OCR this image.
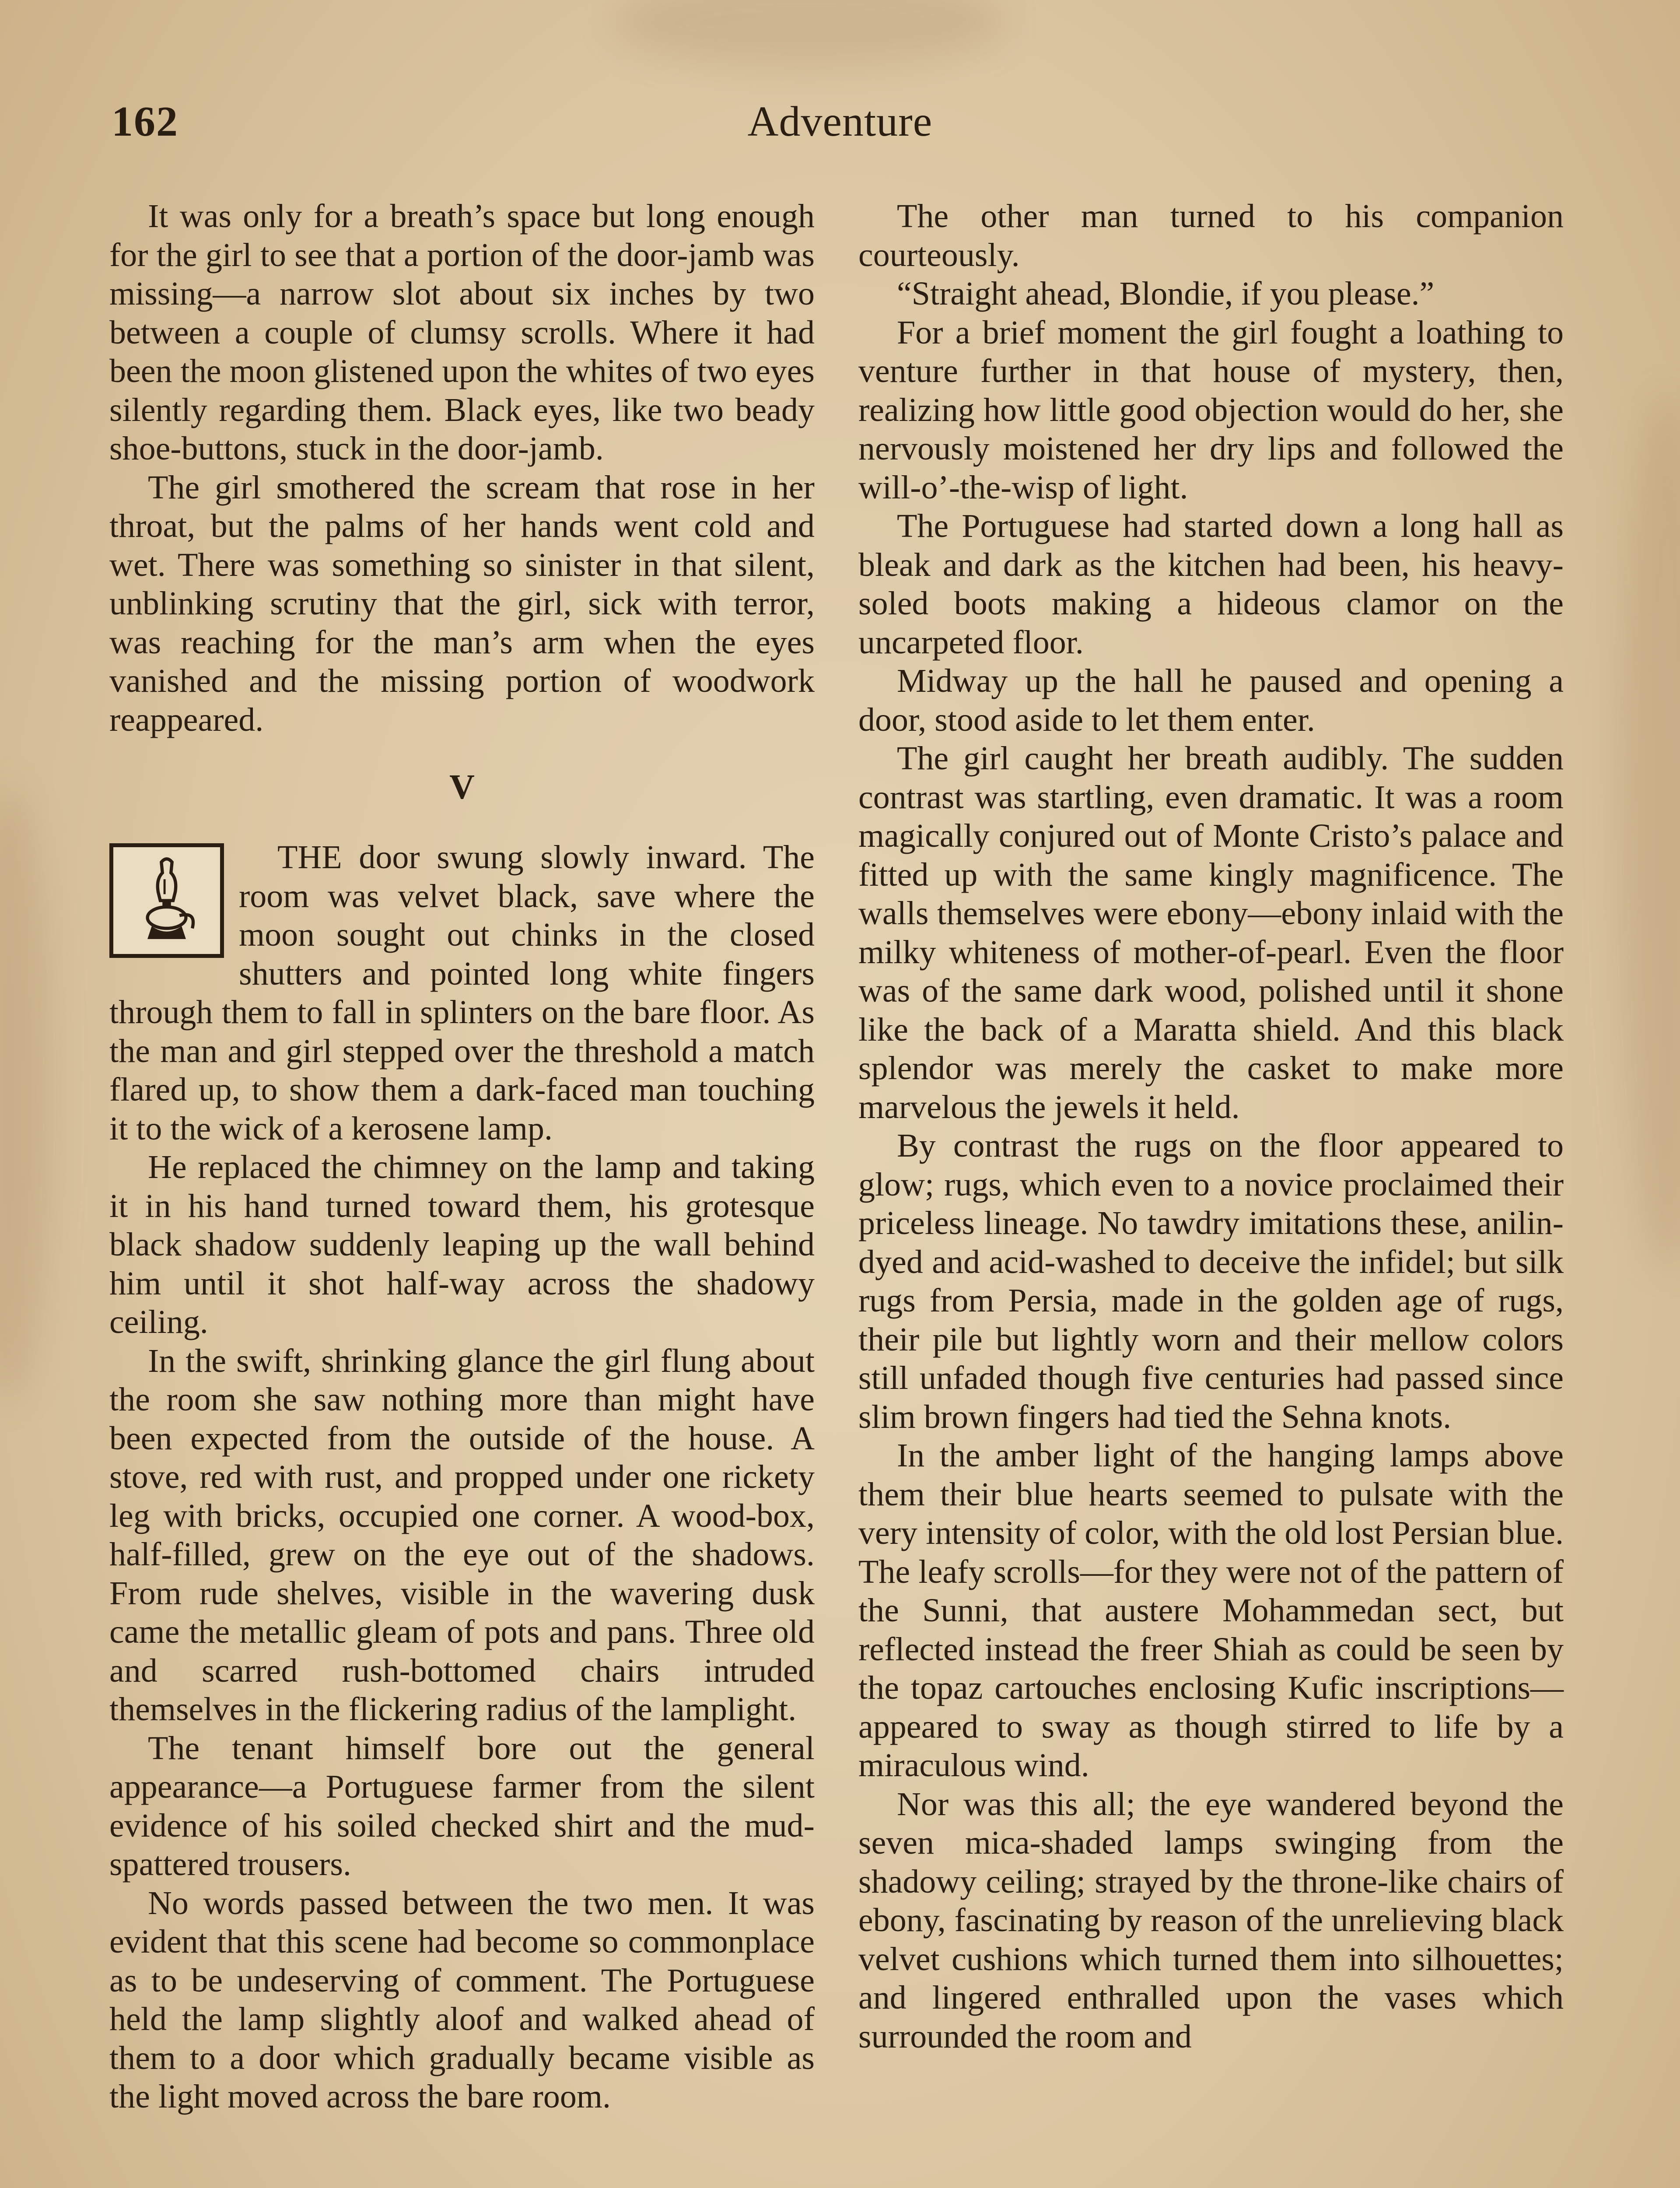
162	Adventure

It was only for a breath’s space but long enough for the girl to see that a portion of the door-jamb was missing—a narrow slot about six inches by two between a couple of clumsy scrolls. Where it had been the moon glistened upon the whites of two eyes silently regarding them. Black eyes, like two beady shoe-buttons, stuck in the door-jamb.

The girl smothered the scream that rose in her throat, but the palms of her hands went cold and wet. There was something so sinister in that silent, unblinking scrutiny that the girl, sick with terror, was reaching for the man’s arm when the eyes vanished and the missing portion of woodwork reappeared.

V

THE door swung slowly inward. The room was velvet black, save where the moon sought out chinks in the closed shutters and pointed long white fingers through them to fall in splinters on the bare floor. As the man and girl stepped over the threshold a match flared up, to show them a dark-faced man touching it to the wick of a kerosene lamp.

He replaced the chimney on the lamp and taking it in his hand turned toward them, his grotesque black shadow suddenly leaping up the wall behind him until it shot half-way across the shadowy ceiling.

In the swift, shrinking glance the girl flung about the room she saw nothing more than might have been expected from the outside of the house. A stove, red with rust, and propped under one rickety leg with bricks, occupied one corner. A wood-box, half-filled, grew on the eye out of the shadows. From rude shelves, visible in the wavering dusk came the metallic gleam of pots and pans. Three old and scarred rush-bottomed chairs intruded themselves in the flickering radius of the lamplight.

The tenant himself bore out the general appearance—a Portuguese farmer from the silent evidence of his soiled checked shirt and the mud-spattered trousers.

No words passed between the two men. It was evident that this scene had become so commonplace as to be undeserving of comment. The Portuguese held the lamp slightly aloof and walked ahead of them to a door which gradually became visible as the light moved across the bare room.

The other man turned to his companion courteously.

“Straight ahead, Blondie, if you please.”

For a brief moment the girl fought a loathing to venture further in that house of mystery, then, realizing how little good objection would do her, she nervously moistened her dry lips and followed the will-o’-the-wisp of light.

The Portuguese had started down a long hall as bleak and dark as the kitchen had been, his heavy-soled boots making a hideous clamor on the uncarpeted floor.

Midway up the hall he paused and opening a door, stood aside to let them enter.

The girl caught her breath audibly. The sudden contrast was startling, even dramatic. It was a room magically conjured out of Monte Cristo’s palace and fitted up with the same kingly magnificence. The walls themselves were ebony—ebony inlaid with the milky whiteness of mother-of-pearl. Even the floor was of the same dark wood, polished until it shone like the back of a Maratta shield. And this black splendor was merely the casket to make more marvelous the jewels it held.

By contrast the rugs on the floor appeared to glow; rugs, which even to a novice proclaimed their priceless lineage. No tawdry imitations these, anilin-dyed and acid-washed to deceive the infidel; but silk rugs from Persia, made in the golden age of rugs, their pile but lightly worn and their mellow colors still unfaded though five centuries had passed since slim brown fingers had tied the Sehna knots.

In the amber light of the hanging lamps above them their blue hearts seemed to pulsate with the very intensity of color, with the old lost Persian blue. The leafy scrolls—for they were not of the pattern of the Sunni, that austere Mohammedan sect, but reflected instead the freer Shiah as could be seen by the topaz cartouches enclosing Kufic inscriptions—appeared to sway as though stirred to life by a miraculous wind.

Nor was this all; the eye wandered beyond the seven mica-shaded lamps swinging from the shadowy ceiling; strayed by the throne-like chairs of ebony, fascinating by reason of the unrelieving black velvet cushions which turned them into silhouettes; and lingered enthralled upon the vases which surrounded the room and
